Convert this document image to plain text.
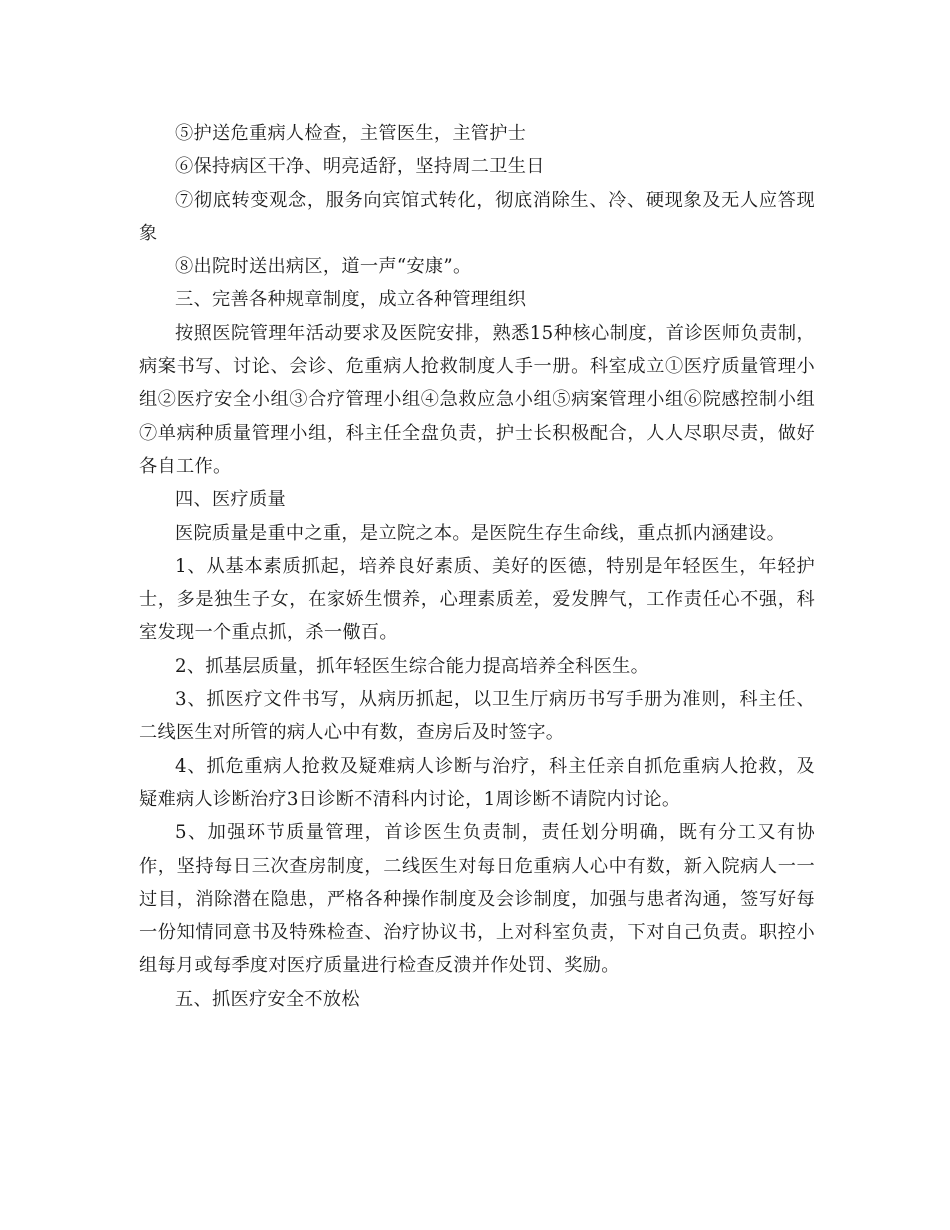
⑤护送危重病人检查，主管医生，主管护士

⑥保持病区干净、明亮适舒，坚持周二卫生日

⑦彻底转变观念，服务向宾馆式转化，彻底消除生、冷、硬现象及无人应答现象

⑧出院时送出病区，道一声“安康”。

三、完善各种规章制度，成立各种管理组织

按照医院管理年活动要求及医院安排，熟悉15种核心制度，首诊医师负责制，病案书写、讨论、会诊、危重病人抢救制度人手一册。科室成立①医疗质量管理小组②医疗安全小组③合疗管理小组④急救应急小组⑤病案管理小组⑥院感控制小组⑦单病种质量管理小组，科主任全盘负责，护士长积极配合，人人尽职尽责，做好各自工作。

四、医疗质量

医院质量是重中之重，是立院之本。是医院生存生命线，重点抓内涵建设。

1、从基本素质抓起，培养良好素质、美好的医德，特别是年轻医生，年轻护士，多是独生子女，在家娇生惯养，心理素质差，爱发脾气，工作责任心不强，科室发现一个重点抓，杀一儆百。

2、抓基层质量，抓年轻医生综合能力提高培养全科医生。

3、抓医疗文件书写，从病历抓起，以卫生厅病历书写手册为准则，科主任、二线医生对所管的病人心中有数，查房后及时签字。

4、抓危重病人抢救及疑难病人诊断与治疗，科主任亲自抓危重病人抢救，及疑难病人诊断治疗3日诊断不清科内讨论，1周诊断不请院内讨论。

5、加强环节质量管理，首诊医生负责制，责任划分明确，既有分工又有协作，坚持每日三次查房制度，二线医生对每日危重病人心中有数，新入院病人一一过目，消除潜在隐患，严格各种操作制度及会诊制度，加强与患者沟通，签写好每一份知情同意书及特殊检查、治疗协议书，上对科室负责，下对自己负责。职控小组每月或每季度对医疗质量进行检查反溃并作处罚、奖励。

五、抓医疗安全不放松
